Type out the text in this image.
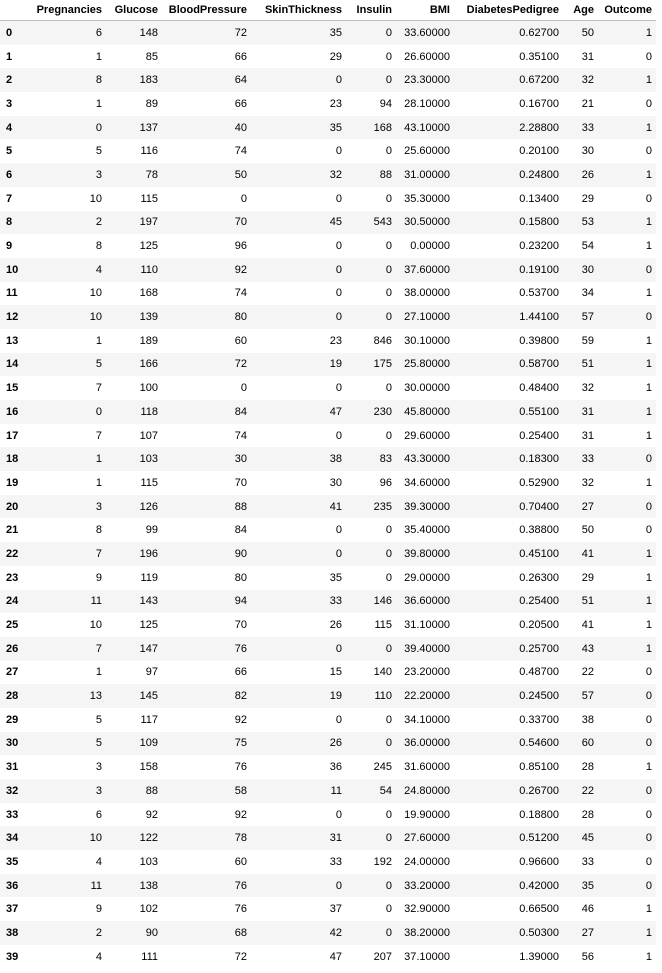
	Pregnancies	Glucose	BloodPressure	SkinThickness	Insulin	BMI	DiabetesPedigree	Age	Outcome
0	6	148	72	35	0	33.60000	0.62700	50	1
1	1	85	66	29	0	26.60000	0.35100	31	0
2	8	183	64	0	0	23.30000	0.67200	32	1
3	1	89	66	23	94	28.10000	0.16700	21	0
4	0	137	40	35	168	43.10000	2.28800	33	1
5	5	116	74	0	0	25.60000	0.20100	30	0
6	3	78	50	32	88	31.00000	0.24800	26	1
7	10	115	0	0	0	35.30000	0.13400	29	0
8	2	197	70	45	543	30.50000	0.15800	53	1
9	8	125	96	0	0	0.00000	0.23200	54	1
10	4	110	92	0	0	37.60000	0.19100	30	0
11	10	168	74	0	0	38.00000	0.53700	34	1
12	10	139	80	0	0	27.10000	1.44100	57	0
13	1	189	60	23	846	30.10000	0.39800	59	1
14	5	166	72	19	175	25.80000	0.58700	51	1
15	7	100	0	0	0	30.00000	0.48400	32	1
16	0	118	84	47	230	45.80000	0.55100	31	1
17	7	107	74	0	0	29.60000	0.25400	31	1
18	1	103	30	38	83	43.30000	0.18300	33	0
19	1	115	70	30	96	34.60000	0.52900	32	1
20	3	126	88	41	235	39.30000	0.70400	27	0
21	8	99	84	0	0	35.40000	0.38800	50	0
22	7	196	90	0	0	39.80000	0.45100	41	1
23	9	119	80	35	0	29.00000	0.26300	29	1
24	11	143	94	33	146	36.60000	0.25400	51	1
25	10	125	70	26	115	31.10000	0.20500	41	1
26	7	147	76	0	0	39.40000	0.25700	43	1
27	1	97	66	15	140	23.20000	0.48700	22	0
28	13	145	82	19	110	22.20000	0.24500	57	0
29	5	117	92	0	0	34.10000	0.33700	38	0
30	5	109	75	26	0	36.00000	0.54600	60	0
31	3	158	76	36	245	31.60000	0.85100	28	1
32	3	88	58	11	54	24.80000	0.26700	22	0
33	6	92	92	0	0	19.90000	0.18800	28	0
34	10	122	78	31	0	27.60000	0.51200	45	0
35	4	103	60	33	192	24.00000	0.96600	33	0
36	11	138	76	0	0	33.20000	0.42000	35	0
37	9	102	76	37	0	32.90000	0.66500	46	1
38	2	90	68	42	0	38.20000	0.50300	27	1
39	4	111	72	47	207	37.10000	1.39000	56	1
